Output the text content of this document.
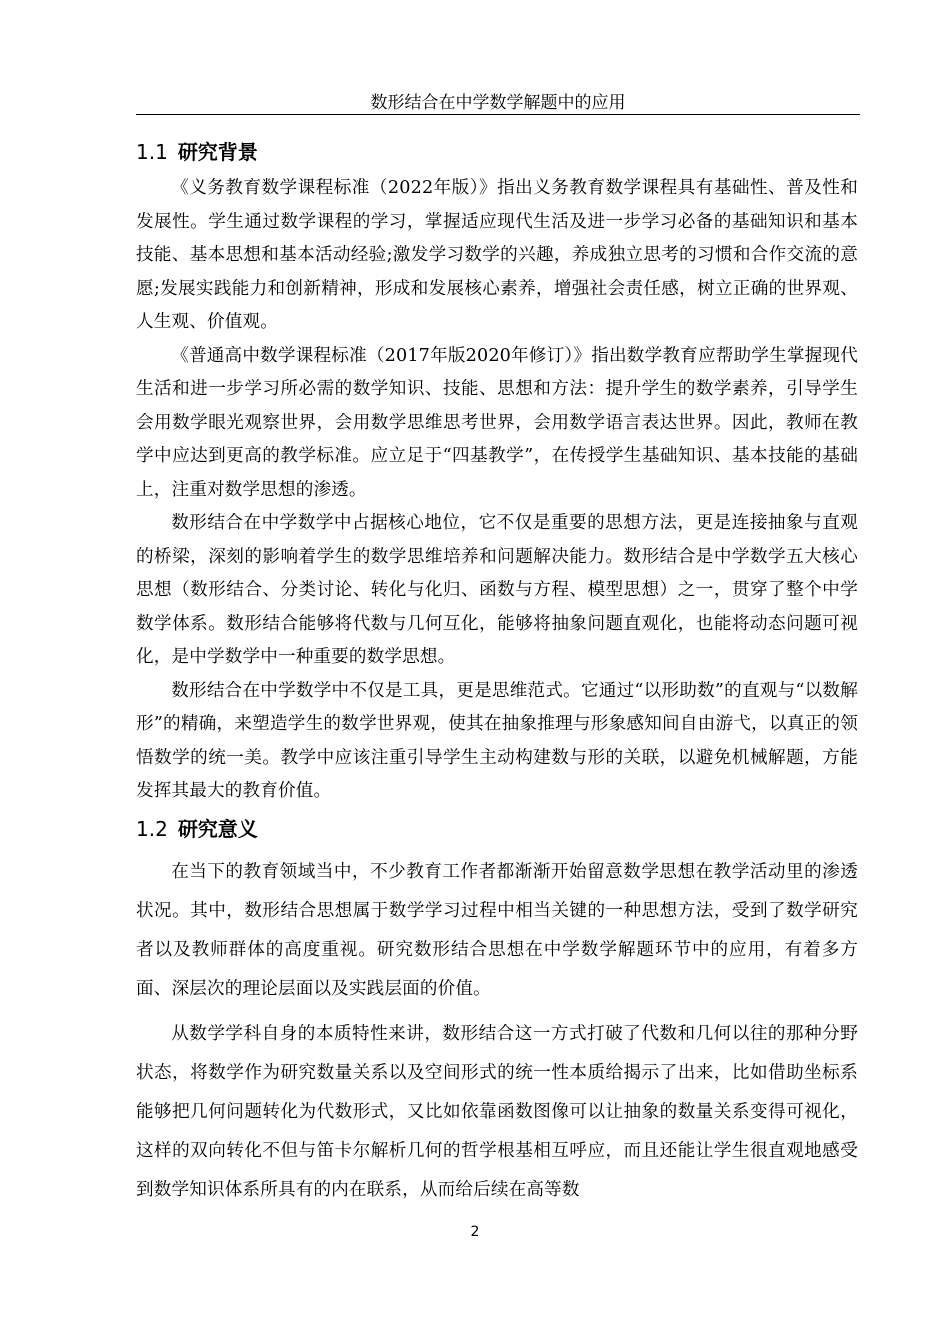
数形结合在中学数学解题中的应用
1.1 研究背景

《义务教育数学课程标准（2022年版）》指出义务教育数学课程具有基础性、普及性和发展性。学生通过数学课程的学习，掌握适应现代生活及进一步学习必备的基础知识和基本技能、基本思想和基本活动经验;激发学习数学的兴趣，养成独立思考的习惯和合作交流的意愿;发展实践能力和创新精神，形成和发展核心素养，增强社会责任感，树立正确的世界观、人生观、价值观。

《普通高中数学课程标准（2017年版2020年修订）》指出数学教育应帮助学生掌握现代生活和进一步学习所必需的数学知识、技能、思想和方法：提升学生的数学素养，引导学生会用数学眼光观察世界，会用数学思维思考世界，会用数学语言表达世界。因此，教师在教学中应达到更高的教学标准。应立足于“四基教学”，在传授学生基础知识、基本技能的基础上，注重对数学思想的渗透。

数形结合在中学数学中占据核心地位，它不仅是重要的思想方法，更是连接抽象与直观的桥梁，深刻的影响着学生的数学思维培养和问题解决能力。数形结合是中学数学五大核心思想（数形结合、分类讨论、转化与化归、函数与方程、模型思想）之一，贯穿了整个中学数学体系。数形结合能够将代数与几何互化，能够将抽象问题直观化，也能将动态问题可视化，是中学数学中一种重要的数学思想。

数形结合在中学数学中不仅是工具，更是思维范式。它通过“以形助数”的直观与“以数解形”的精确，来塑造学生的数学世界观，使其在抽象推理与形象感知间自由游弋，以真正的领悟数学的统一美。教学中应该注重引导学生主动构建数与形的关联，以避免机械解题，方能发挥其最大的教育价值。

1.2 研究意义

在当下的教育领域当中，不少教育工作者都渐渐开始留意数学思想在教学活动里的渗透状况。其中，数形结合思想属于数学学习过程中相当关键的一种思想方法，受到了数学研究者以及教师群体的高度重视。研究数形结合思想在中学数学解题环节中的应用，有着多方面、深层次的理论层面以及实践层面的价值。

从数学学科自身的本质特性来讲，数形结合这一方式打破了代数和几何以往的那种分野状态，将数学作为研究数量关系以及空间形式的统一性本质给揭示了出来，比如借助坐标系能够把几何问题转化为代数形式，又比如依靠函数图像可以让抽象的数量关系变得可视化，这样的双向转化不但与笛卡尔解析几何的哲学根基相互呼应，而且还能让学生很直观地感受到数学知识体系所具有的内在联系，从而给后续在高等数

2
